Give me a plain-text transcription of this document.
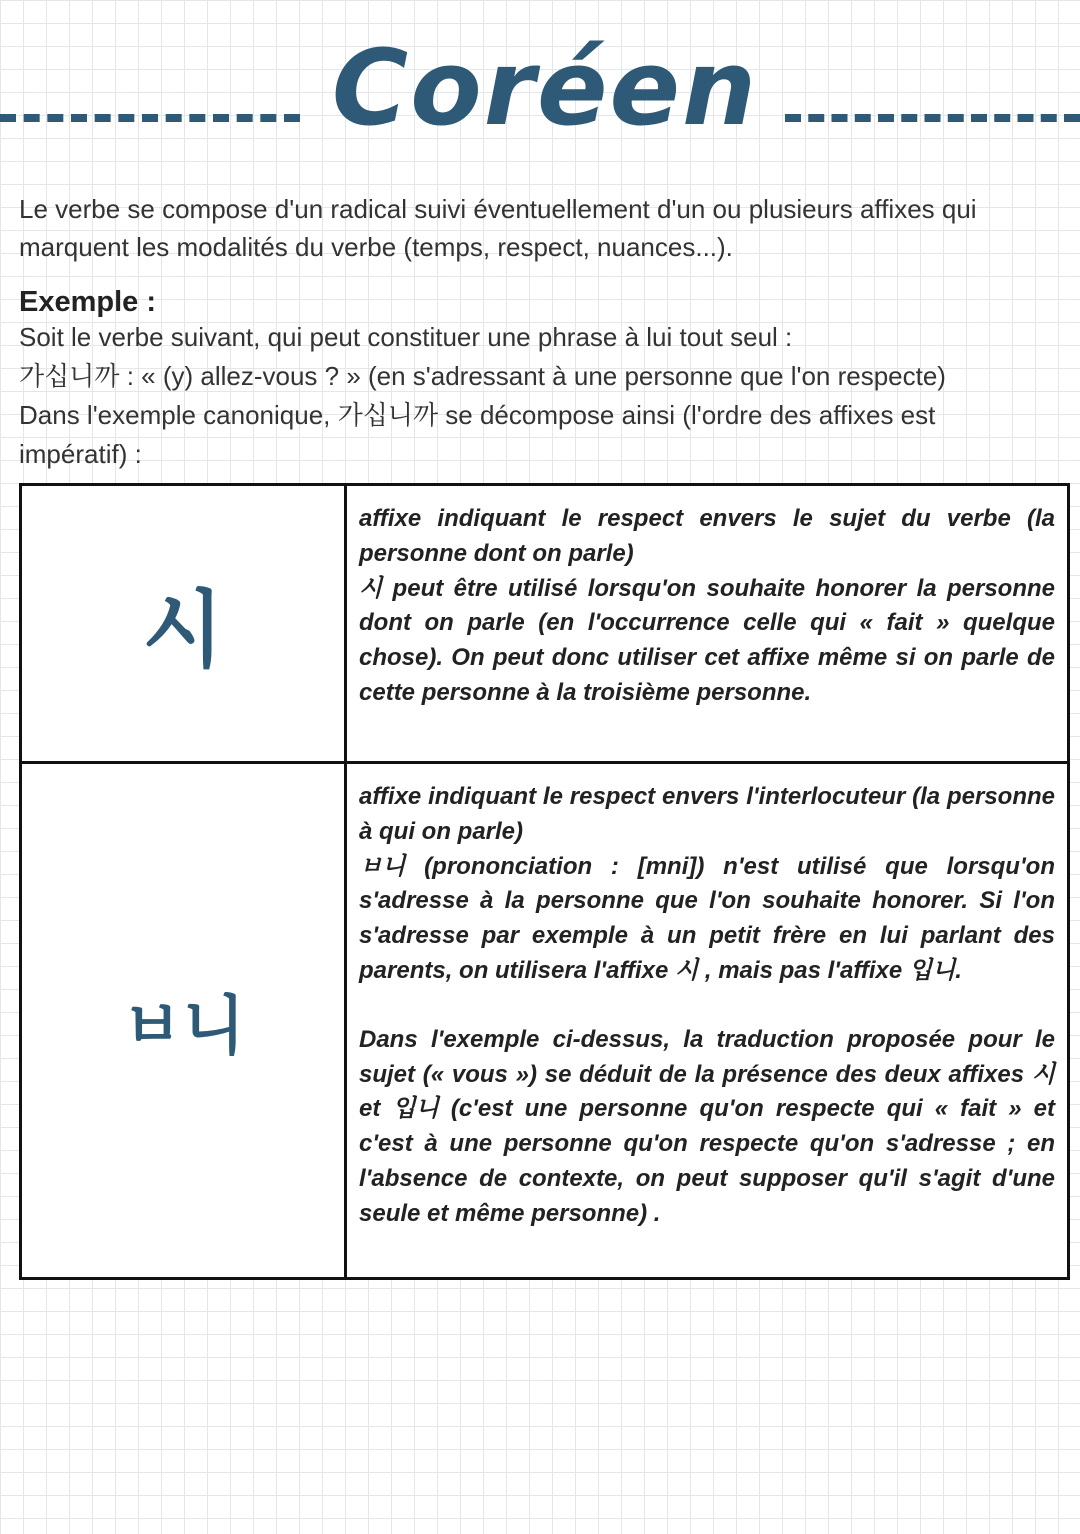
Coréen
Le verbe se compose d'un radical suivi éventuellement d'un ou plusieurs affixes qui marquent les modalités du verbe (temps, respect, nuances...).
Exemple :
Soit le verbe suivant, qui peut constituer une phrase à lui tout seul :
가십니까 : « (y) allez-vous ? » (en s'adressant à une personne que l'on respecte)
Dans l'exemple canonique, 가십니까 se décompose ainsi (l'ordre des affixes est
impératif) :
시	affixe indiquant le respect envers le sujet du verbe (la personne dont on parle)

시 peut être utilisé lorsqu'on souhaite honorer la personne dont on parle (en l'occurrence celle qui « fait » quelque chose). On peut donc utiliser cet affixe même si on parle de cette personne à la troisième personne.

ㅂ니	affixe indiquant le respect envers l'interlocuteur (la personne à qui on parle)

ㅂ니 (prononciation : [mni]) n'est utilisé que lorsqu'on s'adresse à la personne que l'on souhaite honorer. Si l'on s'adresse par exemple à un petit frère en lui parlant des parents, on utilisera l'affixe 시 , mais pas l'affixe 입니.

Dans l'exemple ci-dessus, la traduction proposée pour le sujet (« vous ») se déduit de la présence des deux affixes 시 et 입니 (c'est une personne qu'on respecte qui « fait » et c'est à une personne qu'on respecte qu'on s'adresse ; en l'absence de contexte, on peut supposer qu'il s'agit d'une seule et même personne) .
